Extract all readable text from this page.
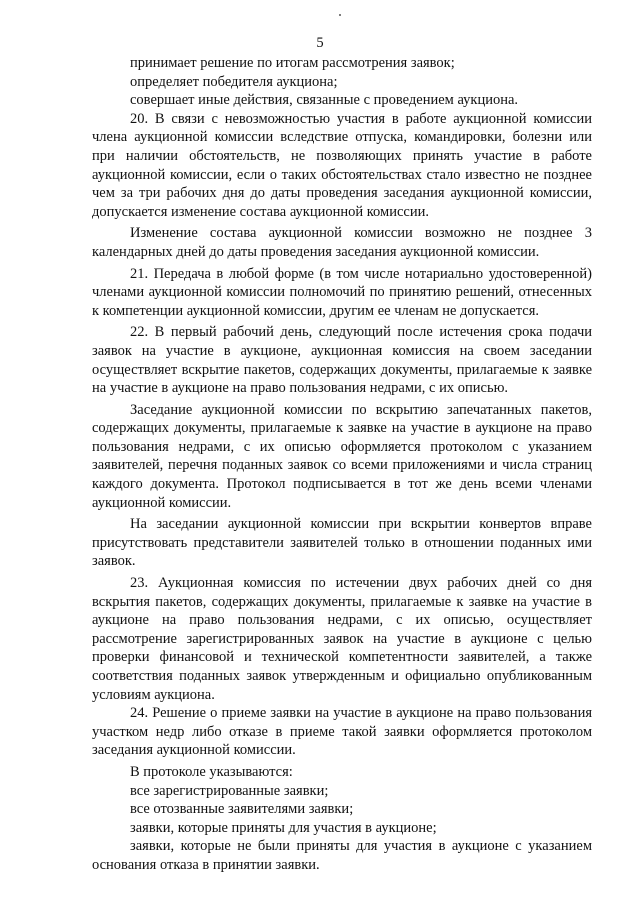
5

принимает решение по итогам рассмотрения заявок;

определяет победителя аукциона;

совершает иные действия, связанные с проведением аукциона.

20. В связи с невозможностью участия в работе аукционной комиссии члена аукционной комиссии вследствие отпуска, командировки, болезни или при наличии обстоятельств, не позволяющих принять участие в работе аукционной комиссии, если о таких обстоятельствах стало известно не позднее чем за три рабочих дня до даты проведения заседания аукционной комиссии, допускается изменение состава аукционной комиссии.

Изменение состава аукционной комиссии возможно не позднее 3 календарных дней до даты проведения заседания аукционной комиссии.

21. Передача в любой форме (в том числе нотариально удостоверенной) членами аукционной комиссии полномочий по принятию решений, отнесенных к компетенции аукционной комиссии, другим ее членам не допускается.

22. В первый рабочий день, следующий после истечения срока подачи заявок на участие в аукционе, аукционная комиссия на своем заседании осуществляет вскрытие пакетов, содержащих документы, прилагаемые к заявке на участие в аукционе на право пользования недрами, с их описью.

Заседание аукционной комиссии по вскрытию запечатанных пакетов, содержащих документы, прилагаемые к заявке на участие в аукционе на право пользования недрами, с их описью оформляется протоколом с указанием заявителей, перечня поданных заявок со всеми приложениями и числа страниц каждого документа. Протокол подписывается в тот же день всеми членами аукционной комиссии.

На заседании аукционной комиссии при вскрытии конвертов вправе присутствовать представители заявителей только в отношении поданных ими заявок.

23. Аукционная комиссия по истечении двух рабочих дней со дня вскрытия пакетов, содержащих документы, прилагаемые к заявке на участие в аукционе на право пользования недрами, с их описью, осуществляет рассмотрение зарегистрированных заявок на участие в аукционе с целью проверки финансовой и технической компетентности заявителей, а также соответствия поданных заявок утвержденным и официально опубликованным условиям аукциона.

24. Решение о приеме заявки на участие в аукционе на право пользования участком недр либо отказе в приеме такой заявки оформляется протоколом заседания аукционной комиссии.

В протоколе указываются:

все зарегистрированные заявки;

все отозванные заявителями заявки;

заявки, которые приняты для участия в аукционе;

заявки, которые не были приняты для участия в аукционе с указанием основания отказа в принятии заявки.
